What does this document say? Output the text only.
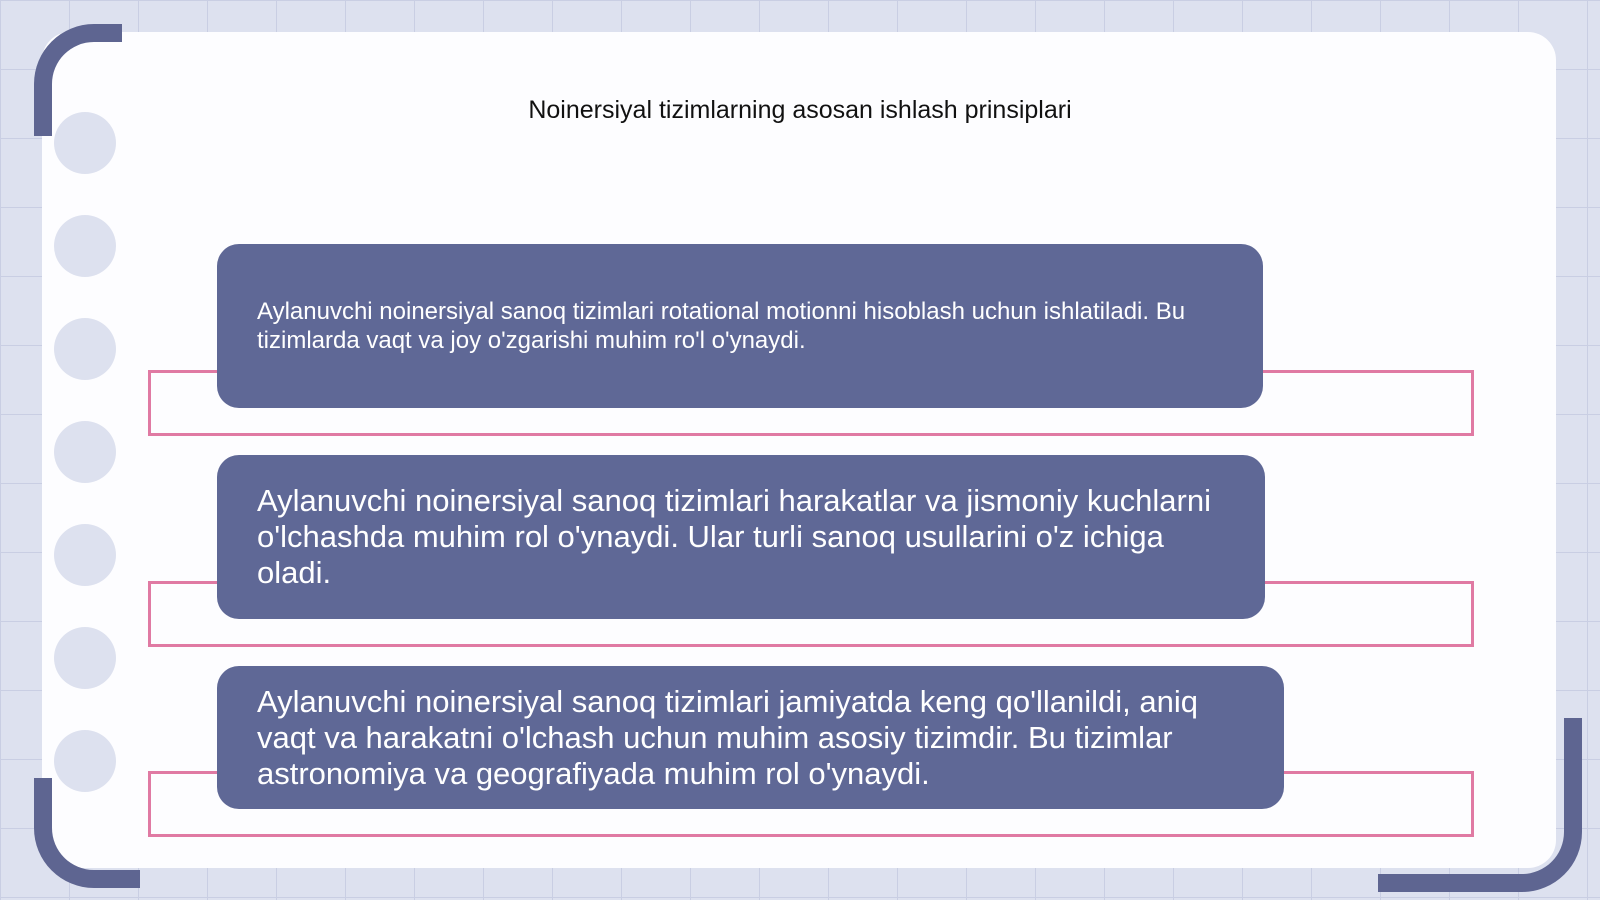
Noinersiyal tizimlarning asosan ishlash prinsiplari
Aylanuvchi noinersiyal sanoq tizimlari rotational motionni hisoblash uchun ishlatiladi. Bu tizimlarda vaqt va joy o'zgarishi muhim ro'l o'ynaydi.
Aylanuvchi noinersiyal sanoq tizimlari harakatlar va jismoniy kuchlarni o'lchashda muhim rol o'ynaydi. Ular turli sanoq usullarini o'z ichiga oladi.
Aylanuvchi noinersiyal sanoq tizimlari jamiyatda keng qo'llanildi, aniq vaqt va harakatni o'lchash uchun muhim asosiy tizimdir. Bu tizimlar astronomiya va geografiyada muhim rol o'ynaydi.
